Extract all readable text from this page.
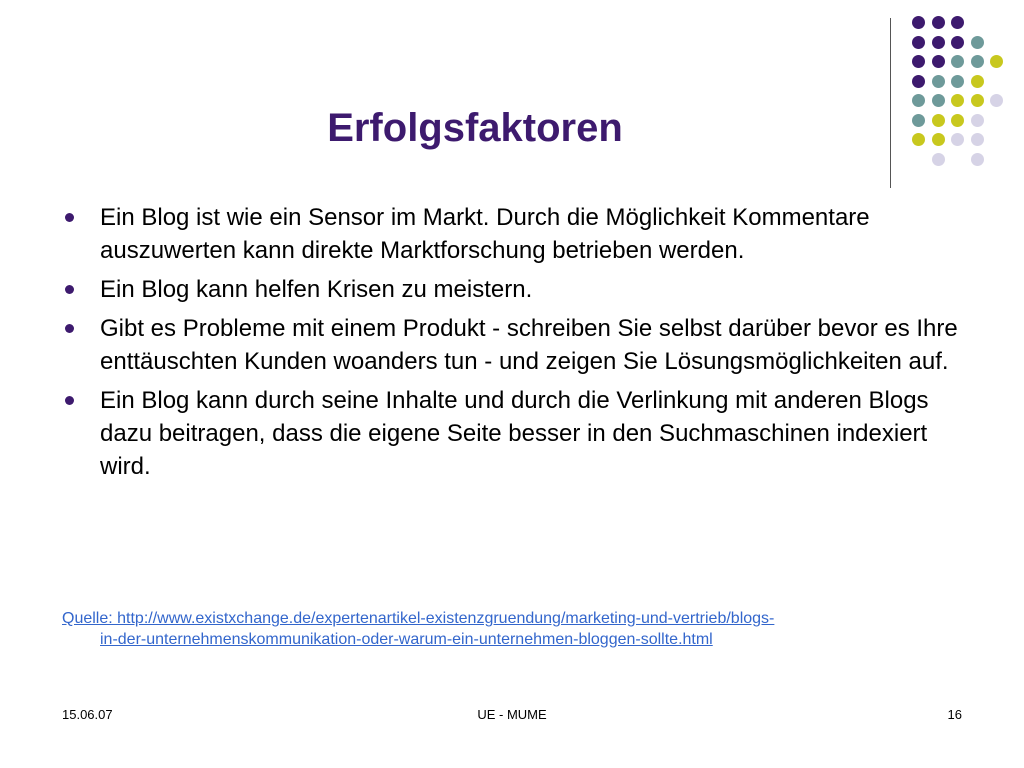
Erfolgsfaktoren
Ein Blog ist wie ein Sensor im Markt. Durch die Möglichkeit Kommentare auszuwerten kann direkte Marktforschung betrieben werden.
Ein Blog kann helfen Krisen zu meistern.
Gibt es Probleme mit einem Produkt - schreiben Sie selbst darüber bevor es Ihre enttäuschten Kunden woanders tun - und zeigen Sie Lösungsmöglichkeiten auf.
Ein Blog kann durch seine Inhalte und durch die Verlinkung mit anderen Blogs dazu beitragen, dass die eigene Seite besser in den Suchmaschinen indexiert wird.
Quelle: http://www.existxchange.de/expertenartikel-existenzgruendung/marketing-und-vertrieb/blogs-
in-der-unternehmenskommunikation-oder-warum-ein-unternehmen-bloggen-sollte.html
15.06.07	UE - MUME	16
